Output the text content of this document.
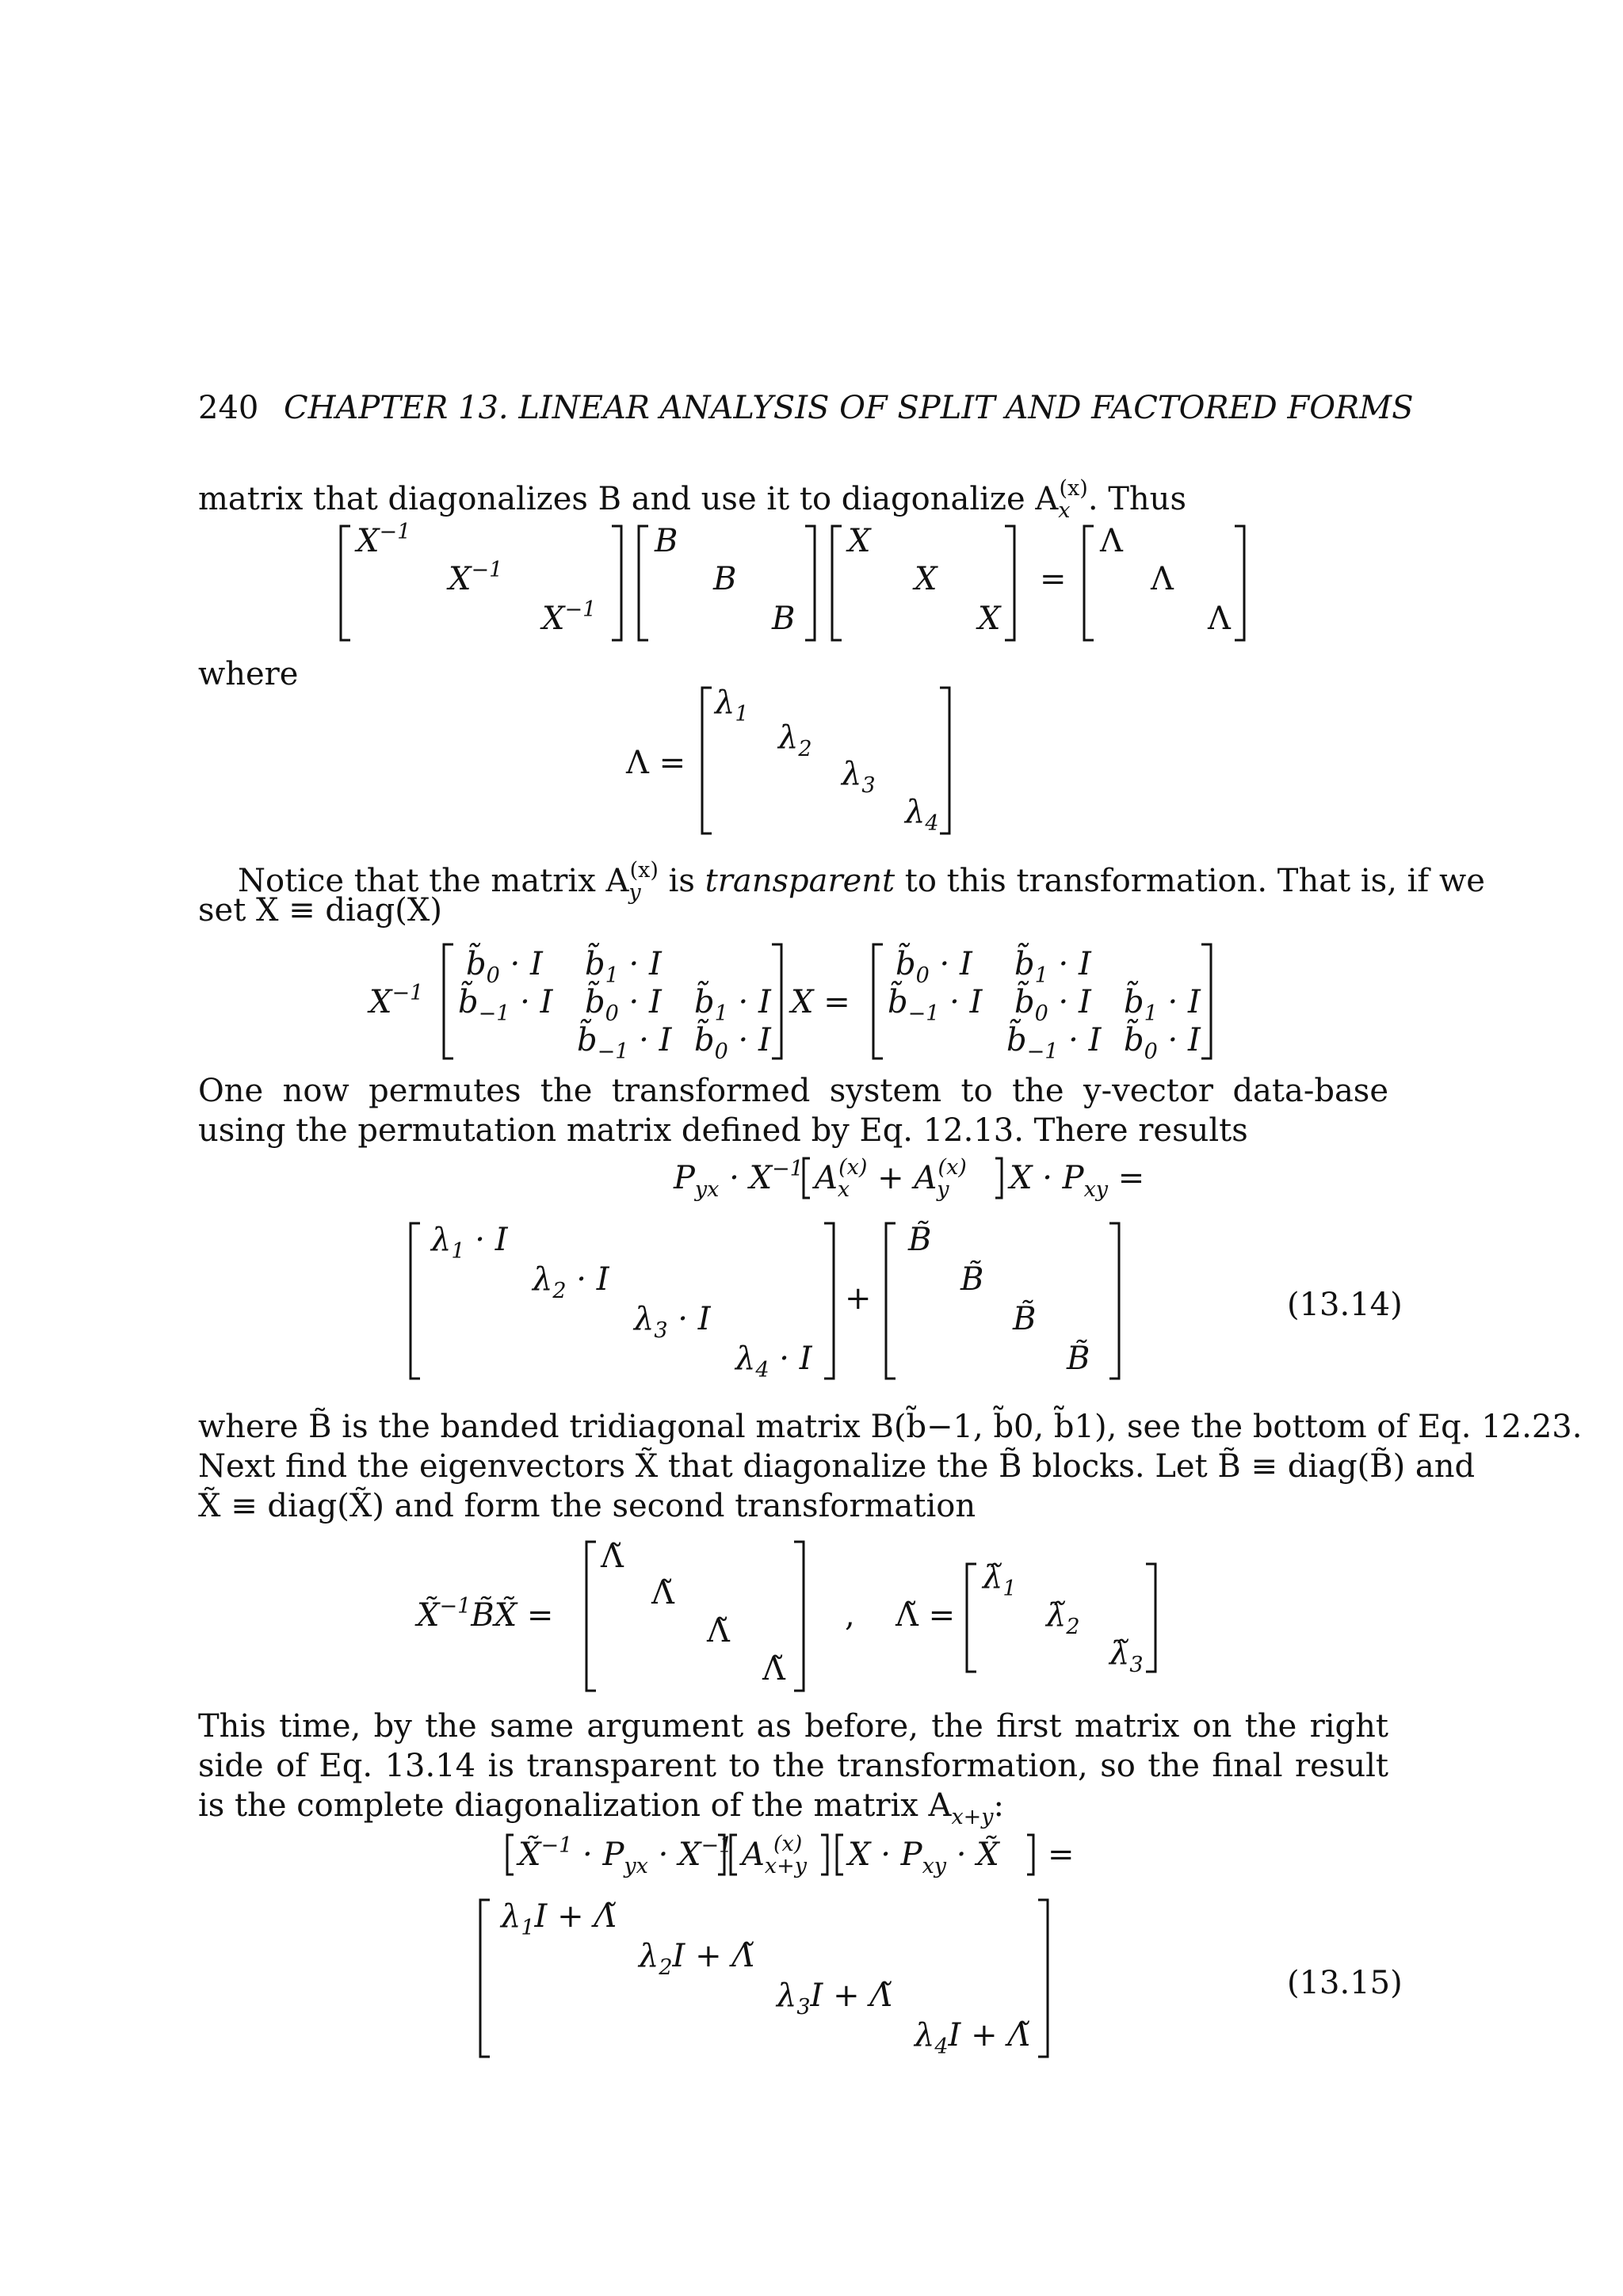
240 CHAPTER 13. LINEAR ANALYSIS OF SPLIT AND FACTORED FORMS
matrix that diagonalizes B and use it to diagonalize $A_x^{(x)}$. Thus
$X^{-1}$
$X^{-1}$
$X^{-1}$
B
B
B
X
X
X
=
Λ
Λ
Λ
where
Λ =
$\lambda_1$
$\lambda_2$
$\lambda_3$
$\lambda_4$
Notice that the matrix $A_y^{(x)}$ is transparent to this transformation. That is, if we
set X ≡ diag(X)
$X^{-1}$
$b̃_0 \cdot I$ $b̃_1 \cdot I$
$b̃_{-1} \cdot I$ $b̃_0 \cdot I$ $b̃_1 \cdot I$
$b̃_{-1} \cdot I$ $b̃_0 \cdot I$
X =
$b̃_0 \cdot I$ $b̃_1 \cdot I$
$b̃_{-1} \cdot I$ $b̃_0 \cdot I$ $b̃_1 \cdot I$
$b̃_{-1} \cdot I$ $b̃_0 \cdot I$
One now permutes the transformed system to the y-vector data-base using the permutation matrix defined by Eq. 12.13. There results
$P_{yx} \cdot X^{-1}$ $A_x(x) + A_y(x) X \cdot P_{xy}$ =
$\lambda_1 \cdot I$
$\lambda_2 \cdot I$
$\lambda_3 \cdot I$
$\lambda_4 \cdot I$
+
B̃
B̃
B̃
B̃
(13.14)
where B̃ is the banded tridiagonal matrix B(b̃−1, b̃0, b̃1), see the bottom of Eq. 12.23.
Next find the eigenvectors X̃ that diagonalize the B̃ blocks. Let B̃ ≡ diag(B̃) and
X̃ ≡ diag(X̃) and form the second transformation
X̃$^{-1}$B̃X̃ =
Λ̃
Λ̃
Λ̃
Λ̃
, Λ̃ =
$\lambdã_1$
$\lambdã_2$
$\lambdã_3$
This time, by the same argument as before, the first matrix on the right side of Eq. 13.14 is transparent to the transformation, so the final result is the complete diagonalization of the matrix $A_{x+y}$:
X̃$^{-1}$ · $P_{yx} \cdot X^{-1}$ $A_{x+y}(x) X \cdot P_{xy}$ · X̃ =
$\lambda_1I$ + Λ̃
$\lambda_2I$ + Λ̃
$\lambda_3I$ + Λ̃
$\lambda_4I$ + Λ̃
(13.15)
